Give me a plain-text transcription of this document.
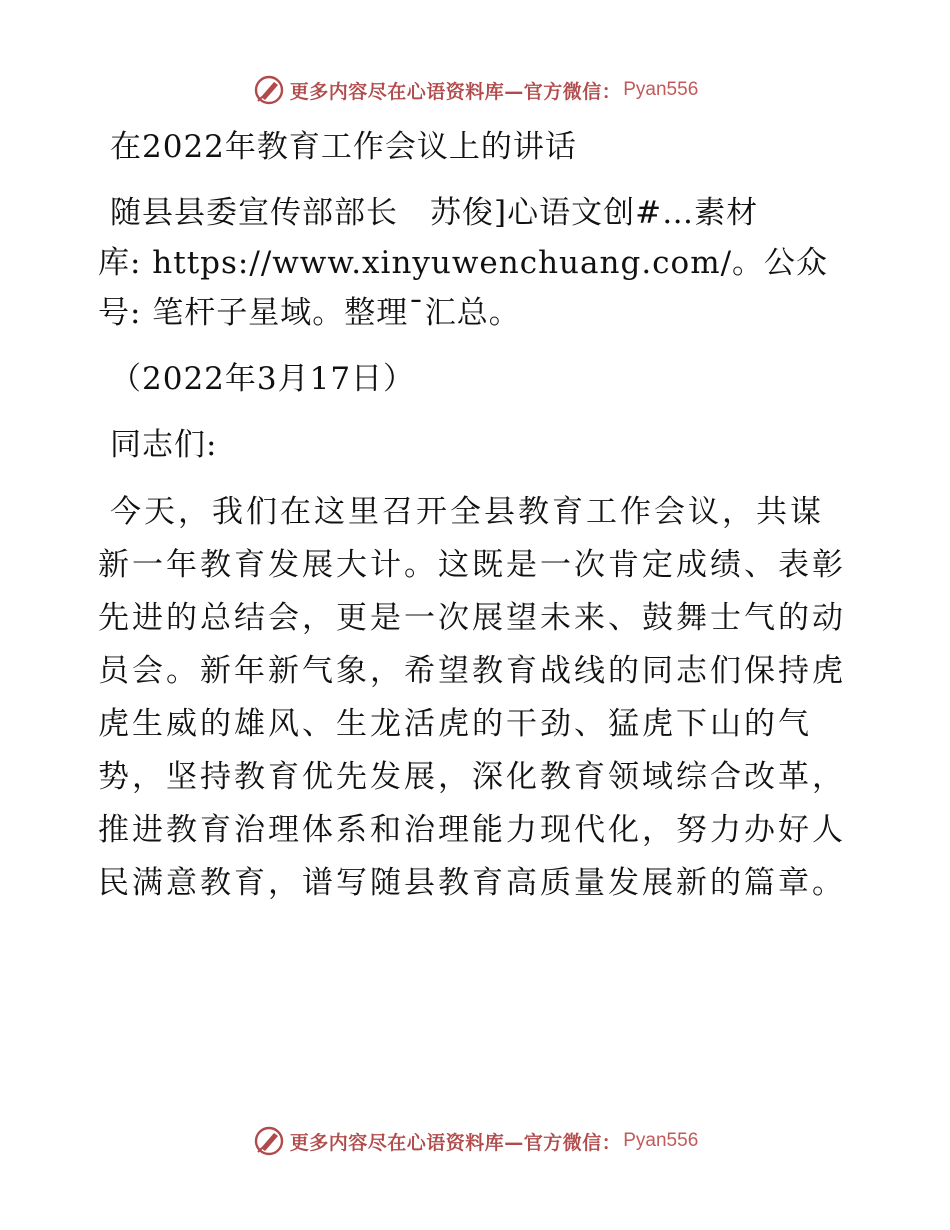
更多内容尽在心语资料库—官方微信： Pyan556
在2022年教育工作会议上的讲话
随县县委宣传部部长　苏俊]心语文创#…素材
库: https://www.xinyuwenchuang.com/。公众
号: 笔杆子星域。整理¯汇总。
（2022年3月17日）
同志们:
今天，我们在这里召开全县教育工作会议，共谋
新一年教育发展大计。这既是一次肯定成绩、表彰
先进的总结会，更是一次展望未来、鼓舞士气的动
员会。新年新气象，希望教育战线的同志们保持虎
虎生威的雄风、生龙活虎的干劲、猛虎下山的气
势，坚持教育优先发展，深化教育领域综合改革，
推进教育治理体系和治理能力现代化，努力办好人
民满意教育，谱写随县教育高质量发展新的篇章。
更多内容尽在心语资料库—官方微信： Pyan556
